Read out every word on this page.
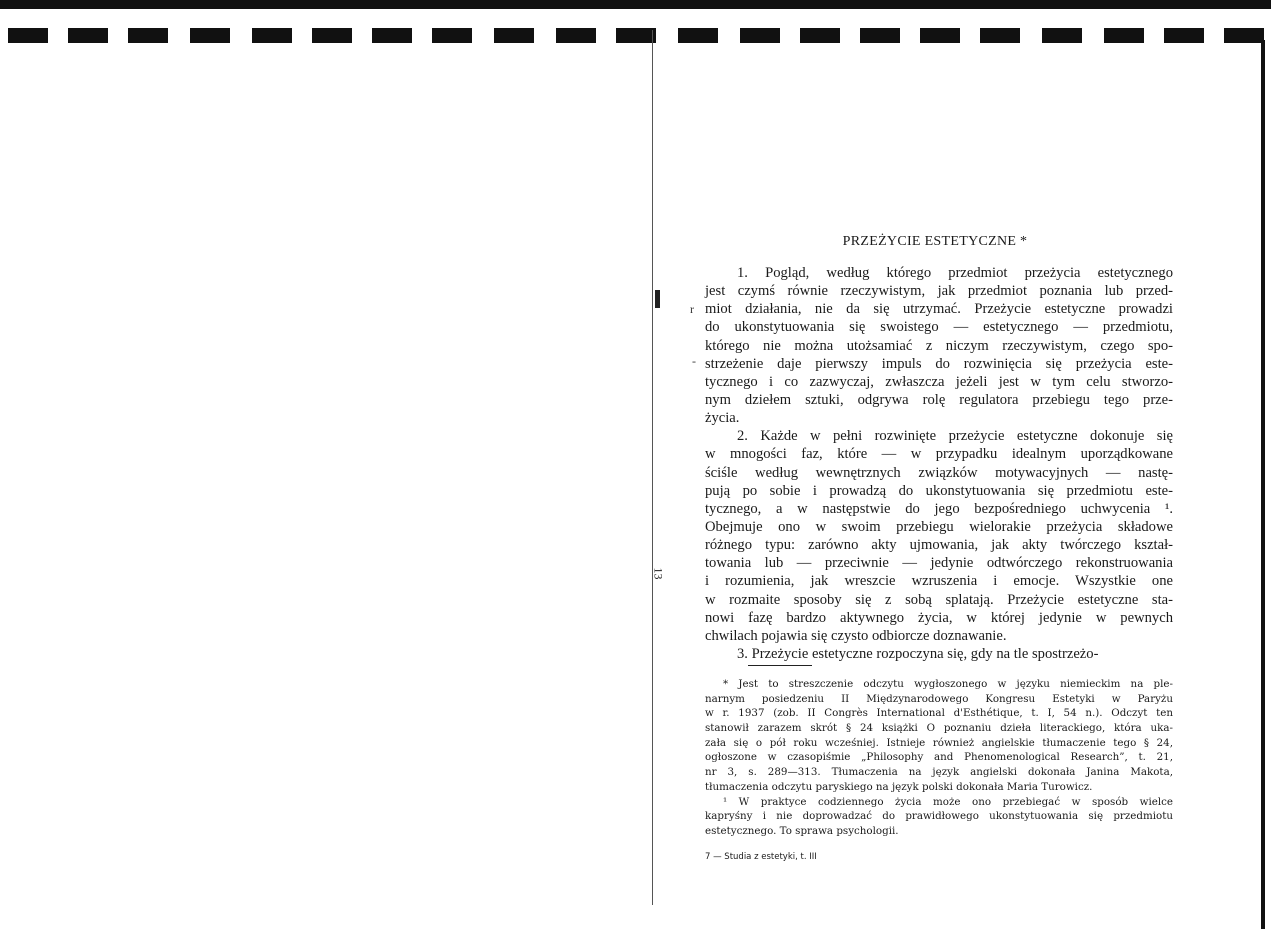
r
-
13
PRZEŻYCIE ESTETYCZNE *
1. Pogląd, według którego przedmiot przeżycia estetycznego
jest czymś równie rzeczywistym, jak przedmiot poznania lub przed-
miot działania, nie da się utrzymać. Przeżycie estetyczne prowadzi
do ukonstytuowania się swoistego — estetycznego — przedmiotu,
którego nie można utożsamiać z niczym rzeczywistym, czego spo-
strzeżenie daje pierwszy impuls do rozwinięcia się przeżycia este-
tycznego i co zazwyczaj, zwłaszcza jeżeli jest w tym celu stworzo-
nym dziełem sztuki, odgrywa rolę regulatora przebiegu tego prze-
życia.
2. Każde w pełni rozwinięte przeżycie estetyczne dokonuje się
w mnogości faz, które — w przypadku idealnym uporządkowane
ściśle według wewnętrznych związków motywacyjnych — nastę-
pują po sobie i prowadzą do ukonstytuowania się przedmiotu este-
tycznego, a w następstwie do jego bezpośredniego uchwycenia ¹.
Obejmuje ono w swoim przebiegu wielorakie przeżycia składowe
różnego typu: zarówno akty ujmowania, jak akty twórczego kształ-
towania lub — przeciwnie — jedynie odtwórczego rekonstruowania
i rozumienia, jak wreszcie wzruszenia i emocje. Wszystkie one
w rozmaite sposoby się z sobą splatają. Przeżycie estetyczne sta-
nowi fazę bardzo aktywnego życia, w której jedynie w pewnych
chwilach pojawia się czysto odbiorcze doznawanie.
3. Przeżycie estetyczne rozpoczyna się, gdy na tle spostrzeżo-
* Jest to streszczenie odczytu wygłoszonego w języku niemieckim na ple-
narnym posiedzeniu II Międzynarodowego Kongresu Estetyki w Paryżu
w r. 1937 (zob. II Congrès International d'Esthétique, t. I, 54 n.). Odczyt ten
stanowił zarazem skrót § 24 książki O poznaniu dzieła literackiego, która uka-
zała się o pół roku wcześniej. Istnieje również angielskie tłumaczenie tego § 24,
ogłoszone w czasopiśmie „Philosophy and Phenomenological Research”, t. 21,
nr 3, s. 289—313. Tłumaczenia na język angielski dokonała Janina Makota,
tłumaczenia odczytu paryskiego na język polski dokonała Maria Turowicz.
¹ W praktyce codziennego życia może ono przebiegać w sposób wielce
kapryśny i nie doprowadzać do prawidłowego ukonstytuowania się przedmiotu
estetycznego. To sprawa psychologii.
7 — Studia z estetyki, t. III
